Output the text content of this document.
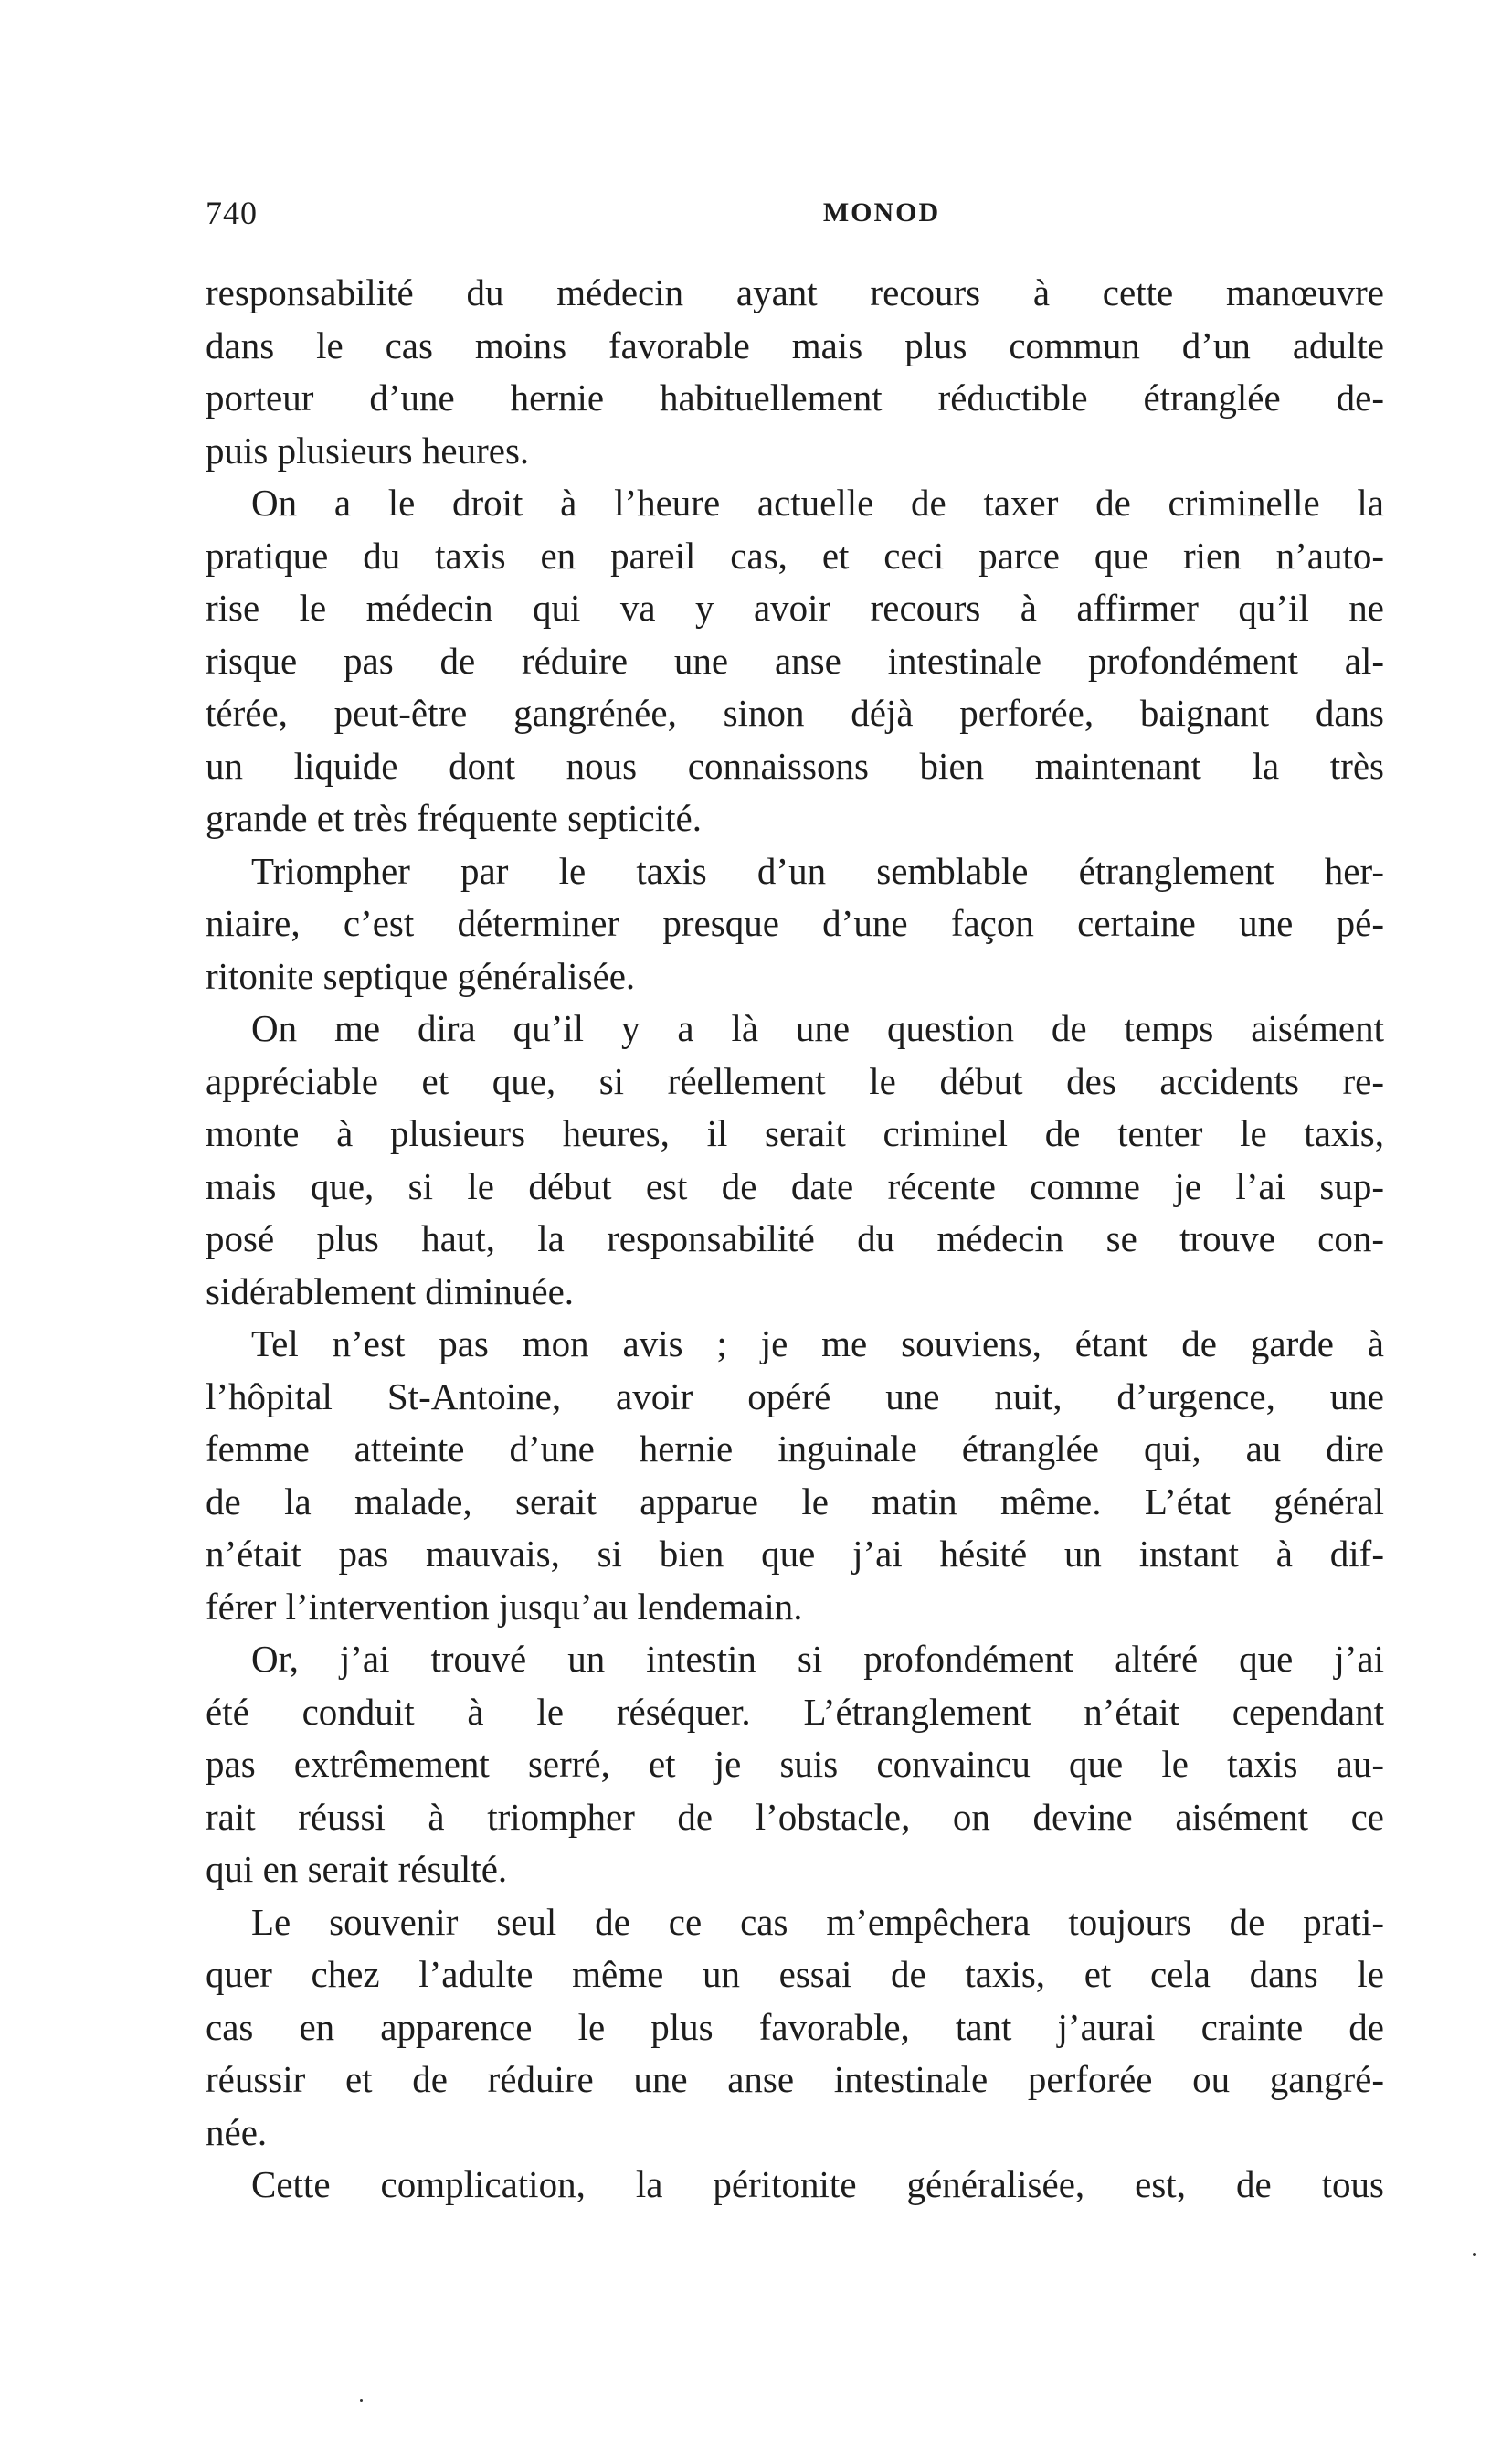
740	MONOD
responsabilité du médecin ayant recours à cette manœuvre
dans le cas moins favorable mais plus commun d’un adulte
porteur d’une hernie habituellement réductible étranglée de-
puis plusieurs heures.
On a le droit à l’heure actuelle de taxer de criminelle la
pratique du taxis en pareil cas, et ceci parce que rien n’auto-
rise le médecin qui va y avoir recours à affirmer qu’il ne
risque pas de réduire une anse intestinale profondément al-
térée, peut-être gangrénée, sinon déjà perforée, baignant dans
un liquide dont nous connaissons bien maintenant la très
grande et très fréquente septicité.
Triompher par le taxis d’un semblable étranglement her-
niaire, c’est déterminer presque d’une façon certaine une pé-
ritonite septique généralisée.
On me dira qu’il y a là une question de temps aisément
appréciable et que, si réellement le début des accidents re-
monte à plusieurs heures, il serait criminel de tenter le taxis,
mais que, si le début est de date récente comme je l’ai sup-
posé plus haut, la responsabilité du médecin se trouve con-
sidérablement diminuée.
Tel n’est pas mon avis ; je me souviens, étant de garde à
l’hôpital St-Antoine, avoir opéré une nuit, d’urgence, une
femme atteinte d’une hernie inguinale étranglée qui, au dire
de la malade, serait apparue le matin même. L’état général
n’était pas mauvais, si bien que j’ai hésité un instant à dif-
férer l’intervention jusqu’au lendemain.
Or, j’ai trouvé un intestin si profondément altéré que j’ai
été conduit à le réséquer. L’étranglement n’était cependant
pas extrêmement serré, et je suis convaincu que le taxis au-
rait réussi à triompher de l’obstacle, on devine aisément ce
qui en serait résulté.
Le souvenir seul de ce cas m’empêchera toujours de prati-
quer chez l’adulte même un essai de taxis, et cela dans le
cas en apparence le plus favorable, tant j’aurai crainte de
réussir et de réduire une anse intestinale perforée ou gangré-
née.
Cette complication, la péritonite généralisée, est, de tous
